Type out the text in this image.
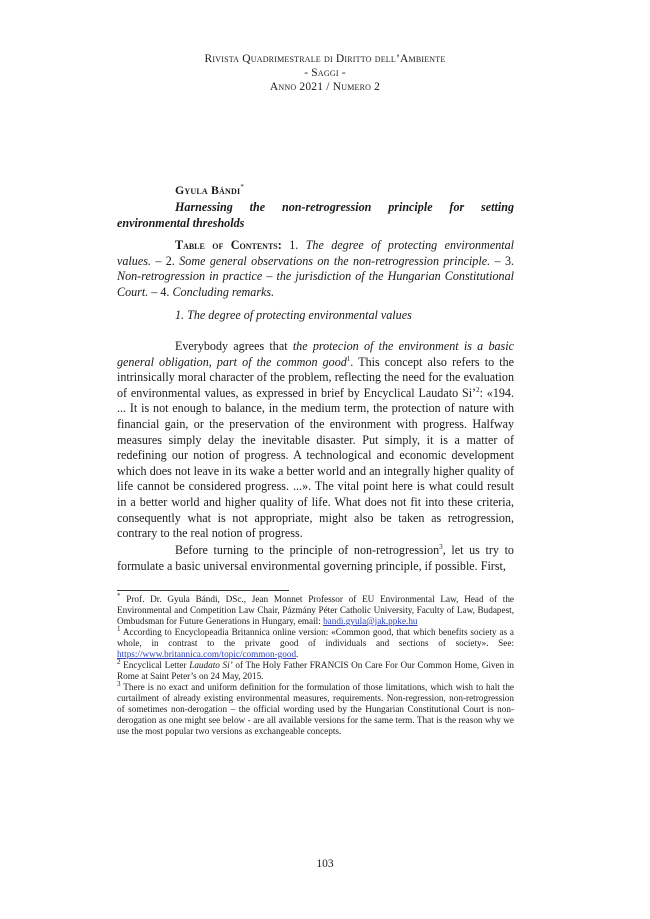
Rivista Quadrimestrale di Diritto dell’Ambiente
- Saggi -
Anno 2021 / Numero 2
Gyula Bándi*
Harnessing the non-retrogression principle for setting environmental thresholds
Table of Contents: 1. The degree of protecting environmental values. – 2. Some general observations on the non-retrogression principle. – 3. Non-retrogression in practice – the jurisdiction of the Hungarian Constitutional Court. – 4. Concluding remarks.
1. The degree of protecting environmental values
Everybody agrees that the protecion of the environment is a basic general obligation, part of the common good$^1$. This concept also refers to the intrinsically moral character of the problem, reflecting the need for the evaluation of environmental values, as expressed in brief by Encyclical Laudato Si’$^2$: «194. ... It is not enough to balance, in the medium term, the protection of nature with financial gain, or the preservation of the environment with progress. Halfway measures simply delay the inevitable disaster. Put simply, it is a matter of redefining our notion of progress. A technological and economic development which does not leave in its wake a better world and an integrally higher quality of life cannot be considered progress. ...». The vital point here is what could result in a better world and higher quality of life. What does not fit into these criteria, consequently what is not appropriate, might also be taken as retrogression, contrary to the real notion of progress.
Before turning to the principle of non-retrogression$^3$, let us try to formulate a basic universal environmental governing principle, if possible. First,

* Prof. Dr. Gyula Bándi, DSc., Jean Monnet Professor of EU Environmental Law, Head of the Environmental and Competition Law Chair, Pázmány Péter Catholic University, Faculty of Law, Budapest, Ombudsman for Future Generations in Hungary, email: bandi.gyula@jak.ppke.hu

$^1$ According to Encyclopeadia Britannica online version: «Common good, that which benefits society as a whole, in contrast to the private good of individuals and sections of society». See: https://www.britannica.com/topic/common-good.

$^2$ Encyclical Letter Laudato Si’ of The Holy Father FRANCIS On Care For Our Common Home, Given in Rome at Saint Peter’s on 24 May, 2015.

$^3$ There is no exact and uniform definition for the formulation of those limitations, which wish to halt the curtailment of already existing environmental measures, requirements. Non-regression, non-retrogression of sometimes non-derogation – the official wording used by the Hungarian Constitutional Court is non-derogation as one might see below - are all available versions for the same term. That is the reason why we use the most popular two versions as exchangeable concepts.

103
